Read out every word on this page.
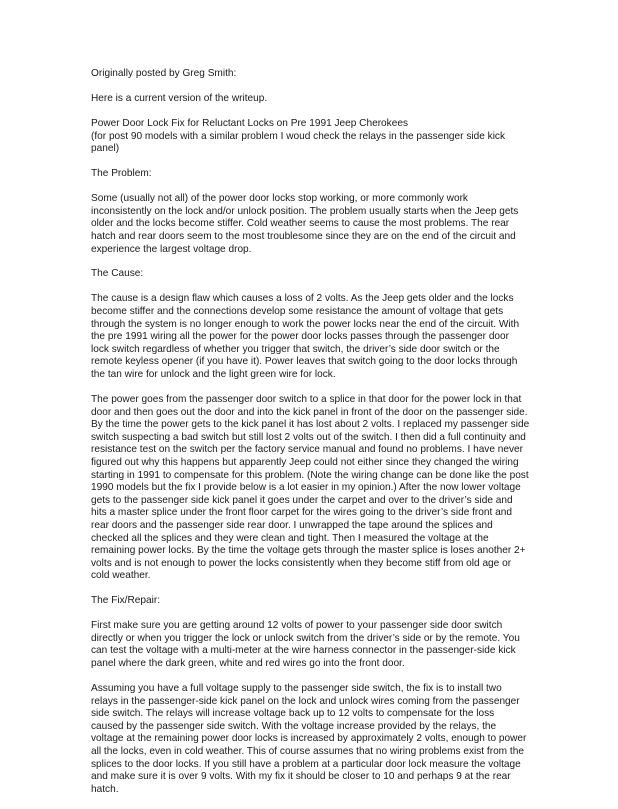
Originally posted by Greg Smith:
Here is a current version of the writeup.
Power Door Lock Fix for Reluctant Locks on Pre 1991 Jeep Cherokees
(for post 90 models with a similar problem I woud check the relays in the passenger side kick
panel)
The Problem:
Some (usually not all) of the power door locks stop working, or more commonly work
inconsistently on the lock and/or unlock position. The problem usually starts when the Jeep gets
older and the locks become stiffer. Cold weather seems to cause the most problems. The rear
hatch and rear doors seem to the most troublesome since they are on the end of the circuit and
experience the largest voltage drop.
The Cause:
The cause is a design flaw which causes a loss of 2 volts. As the Jeep gets older and the locks
become stiffer and the connections develop some resistance the amount of voltage that gets
through the system is no longer enough to work the power locks near the end of the circuit. With
the pre 1991 wiring all the power for the power door locks passes through the passenger door
lock switch regardless of whether you trigger that switch, the driver’s side door switch or the
remote keyless opener (if you have it). Power leaves that switch going to the door locks through
the tan wire for unlock and the light green wire for lock.
The power goes from the passenger door switch to a splice in that door for the power lock in that
door and then goes out the door and into the kick panel in front of the door on the passenger side.
By the time the power gets to the kick panel it has lost about 2 volts. I replaced my passenger side
switch suspecting a bad switch but still lost 2 volts out of the switch. I then did a full continuity and
resistance test on the switch per the factory service manual and found no problems. I have never
figured out why this happens but apparently Jeep could not either since they changed the wiring
starting in 1991 to compensate for this problem. (Note the wiring change can be done like the post
1990 models but the fix I provide below is a lot easier in my opinion.) After the now lower voltage
gets to the passenger side kick panel it goes under the carpet and over to the driver’s side and
hits a master splice under the front floor carpet for the wires going to the driver’s side front and
rear doors and the passenger side rear door. I unwrapped the tape around the splices and
checked all the splices and they were clean and tight. Then I measured the voltage at the
remaining power locks. By the time the voltage gets through the master splice is loses another 2+
volts and is not enough to power the locks consistently when they become stiff from old age or
cold weather.
The Fix/Repair:
First make sure you are getting around 12 volts of power to your passenger side door switch
directly or when you trigger the lock or unlock switch from the driver’s side or by the remote. You
can test the voltage with a multi-meter at the wire harness connector in the passenger-side kick
panel where the dark green, white and red wires go into the front door.
Assuming you have a full voltage supply to the passenger side switch, the fix is to install two
relays in the passenger-side kick panel on the lock and unlock wires coming from the passenger
side switch. The relays will increase voltage back up to 12 volts to compensate for the loss
caused by the passenger side switch. With the voltage increase provided by the relays, the
voltage at the remaining power door locks is increased by approximately 2 volts, enough to power
all the locks, even in cold weather. This of course assumes that no wiring problems exist from the
splices to the door locks. If you still have a problem at a particular door lock measure the voltage
and make sure it is over 9 volts. With my fix it should be closer to 10 and perhaps 9 at the rear
hatch.
